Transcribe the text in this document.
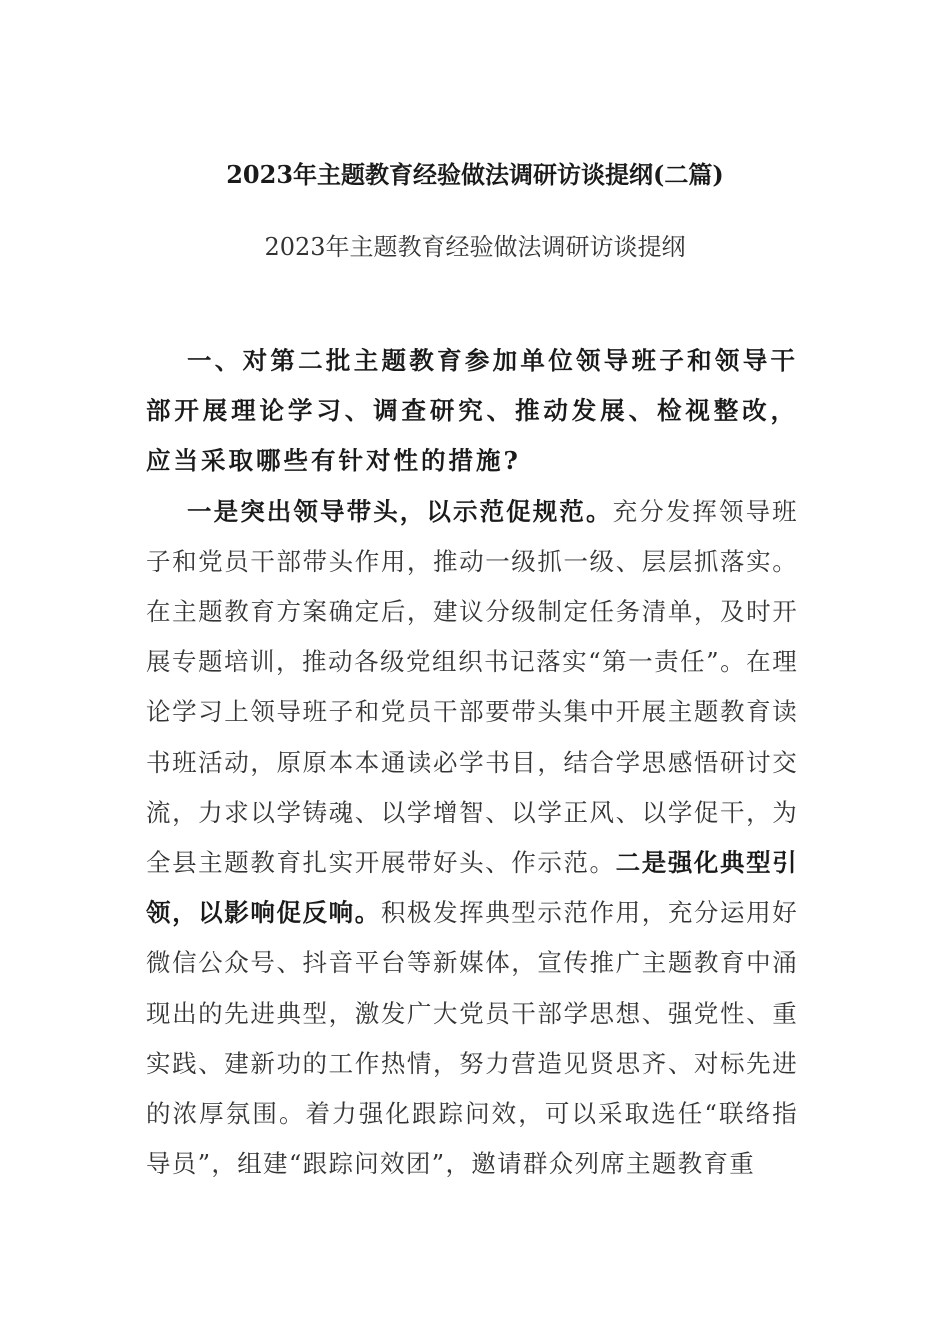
2023年主题教育经验做法调研访谈提纲(二篇)
2023年主题教育经验做法调研访谈提纲

一、对第二批主题教育参加单位领导班子和领导干部开展理论学习、调查研究、推动发展、检视整改，应当采取哪些有针对性的措施?

一是突出领导带头，以示范促规范。充分发挥领导班子和党员干部带头作用，推动一级抓一级、层层抓落实。在主题教育方案确定后，建议分级制定任务清单，及时开展专题培训，推动各级党组织书记落实“第一责任”。在理论学习上领导班子和党员干部要带头集中开展主题教育读书班活动，原原本本通读必学书目，结合学思感悟研讨交流，力求以学铸魂、以学增智、以学正风、以学促干，为全县主题教育扎实开展带好头、作示范。二是强化典型引领，以影响促反响。积极发挥典型示范作用，充分运用好微信公众号、抖音平台等新媒体，宣传推广主题教育中涌现出的先进典型，激发广大党员干部学思想、强党性、重实践、建新功的工作热情，努力营造见贤思齐、对标先进的浓厚氛围。着力强化跟踪问效，可以采取选任“联络指导员”，组建“跟踪问效团”，邀请群众列席主题教育重
